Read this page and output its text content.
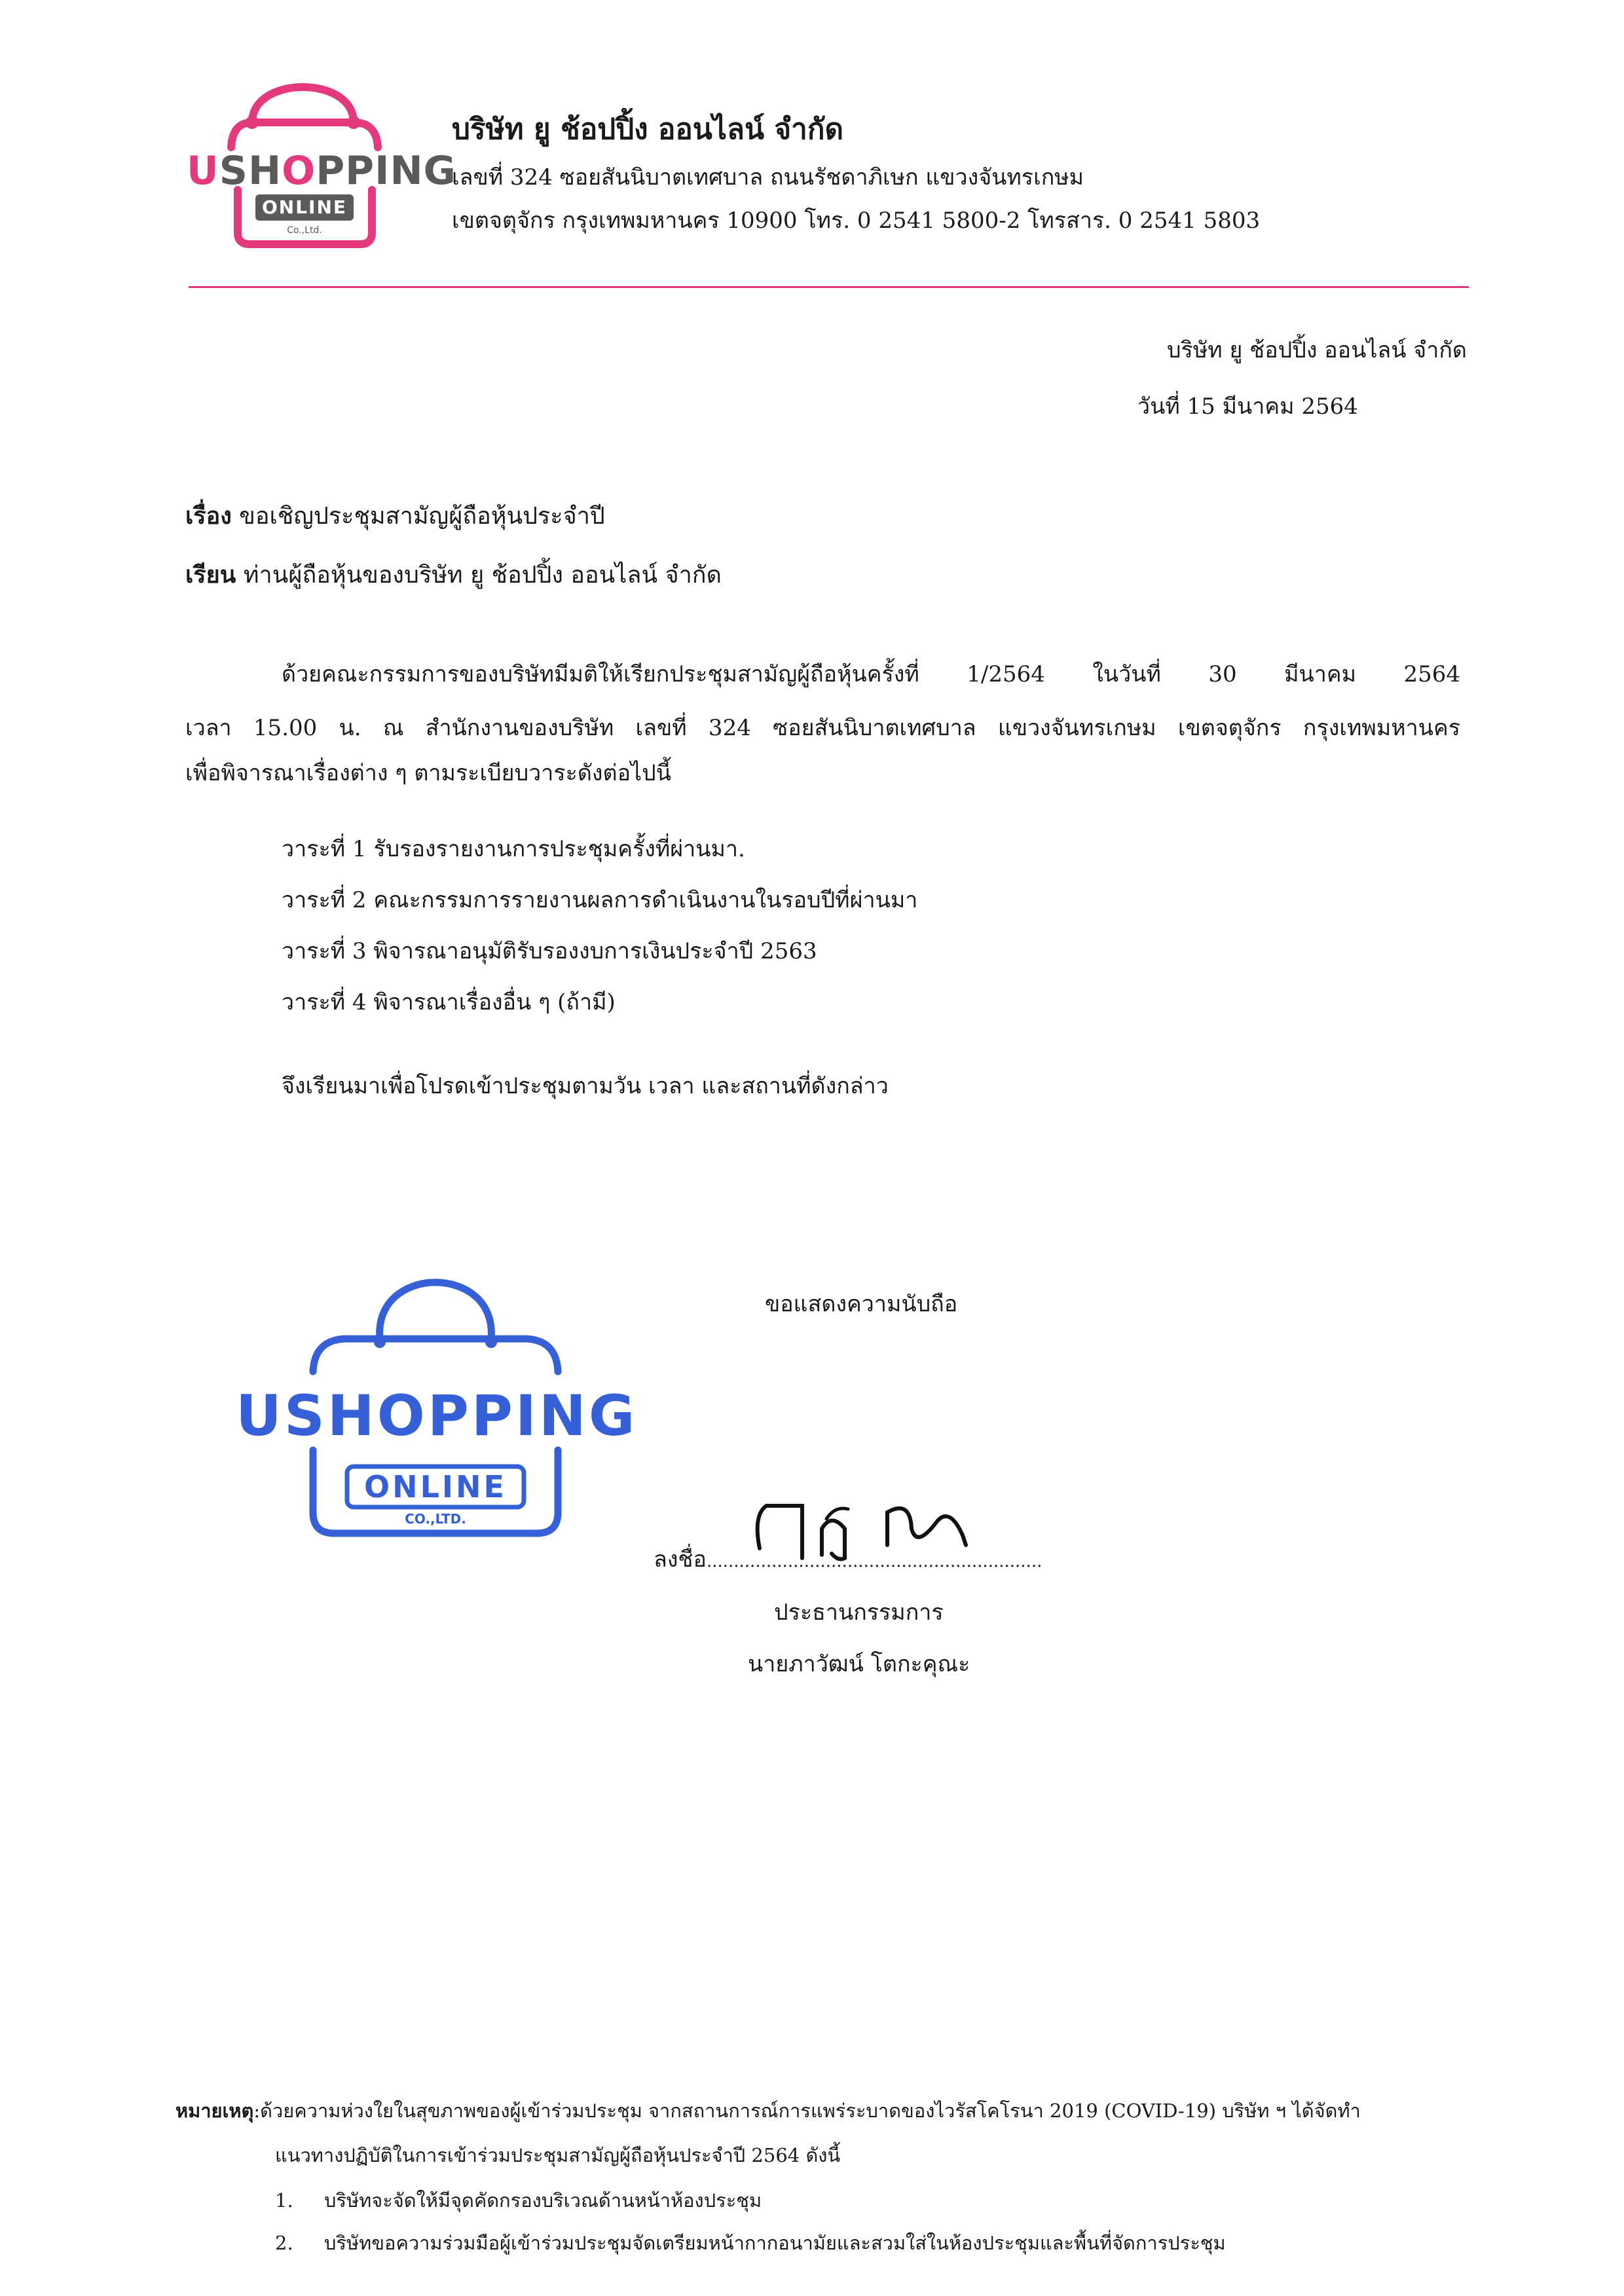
USHOPPING
ONLINE
Co.,Ltd.
บริษัท ยู ช้อปปิ้ง ออนไลน์ จำกัด
เลขที่ 324 ซอยสันนิบาตเทศบาล ถนนรัชดาภิเษก แขวงจันทรเกษม
เขตจตุจักร กรุงเทพมหานคร 10900 โทร. 0 2541 5800-2 โทรสาร. 0 2541 5803
บริษัท ยู ช้อปปิ้ง ออนไลน์ จำกัด
วันที่ 15 มีนาคม 2564
เรื่อง ขอเชิญประชุมสามัญผู้ถือหุ้นประจำปี
เรียน ท่านผู้ถือหุ้นของบริษัท ยู ช้อปปิ้ง ออนไลน์ จำกัด
ด้วยคณะกรรมการของบริษัทมีมติให้เรียกประชุมสามัญผู้ถือหุ้นครั้งที่ 1/2564 ในวันที่ 30 มีนาคม 2564
เวลา 15.00 น. ณ สำนักงานของบริษัท เลขที่ 324 ซอยสันนิบาตเทศบาล แขวงจันทรเกษม เขตจตุจักร กรุงเทพมหานคร
เพื่อพิจารณาเรื่องต่าง ๆ ตามระเบียบวาระดังต่อไปนี้
วาระที่ 1 รับรองรายงานการประชุมครั้งที่ผ่านมา.
วาระที่ 2 คณะกรรมการรายงานผลการดำเนินงานในรอบปีที่ผ่านมา
วาระที่ 3 พิจารณาอนุมัติรับรองงบการเงินประจำปี 2563
วาระที่ 4 พิจารณาเรื่องอื่น ๆ (ถ้ามี)
จึงเรียนมาเพื่อโปรดเข้าประชุมตามวัน เวลา และสถานที่ดังกล่าว
USHOPPING
ONLINE
CO.,LTD.
ขอแสดงความนับถือ
ลงชื่อ..............................................................
ประธานกรรมการ
นายภาวัฒน์ โตกะคุณะ
หมายเหตุ:ด้วยความห่วงใยในสุขภาพของผู้เข้าร่วมประชุม จากสถานการณ์การแพร่ระบาดของไวรัสโคโรนา 2019 (COVID-19) บริษัท ฯ ได้จัดทำ
แนวทางปฏิบัติในการเข้าร่วมประชุมสามัญผู้ถือหุ้นประจำปี 2564 ดังนี้
1. บริษัทจะจัดให้มีจุดคัดกรองบริเวณด้านหน้าห้องประชุม
2. บริษัทขอความร่วมมือผู้เข้าร่วมประชุมจัดเตรียมหน้ากากอนามัยและสวมใส่ในห้องประชุมและพื้นที่จัดการประชุม
